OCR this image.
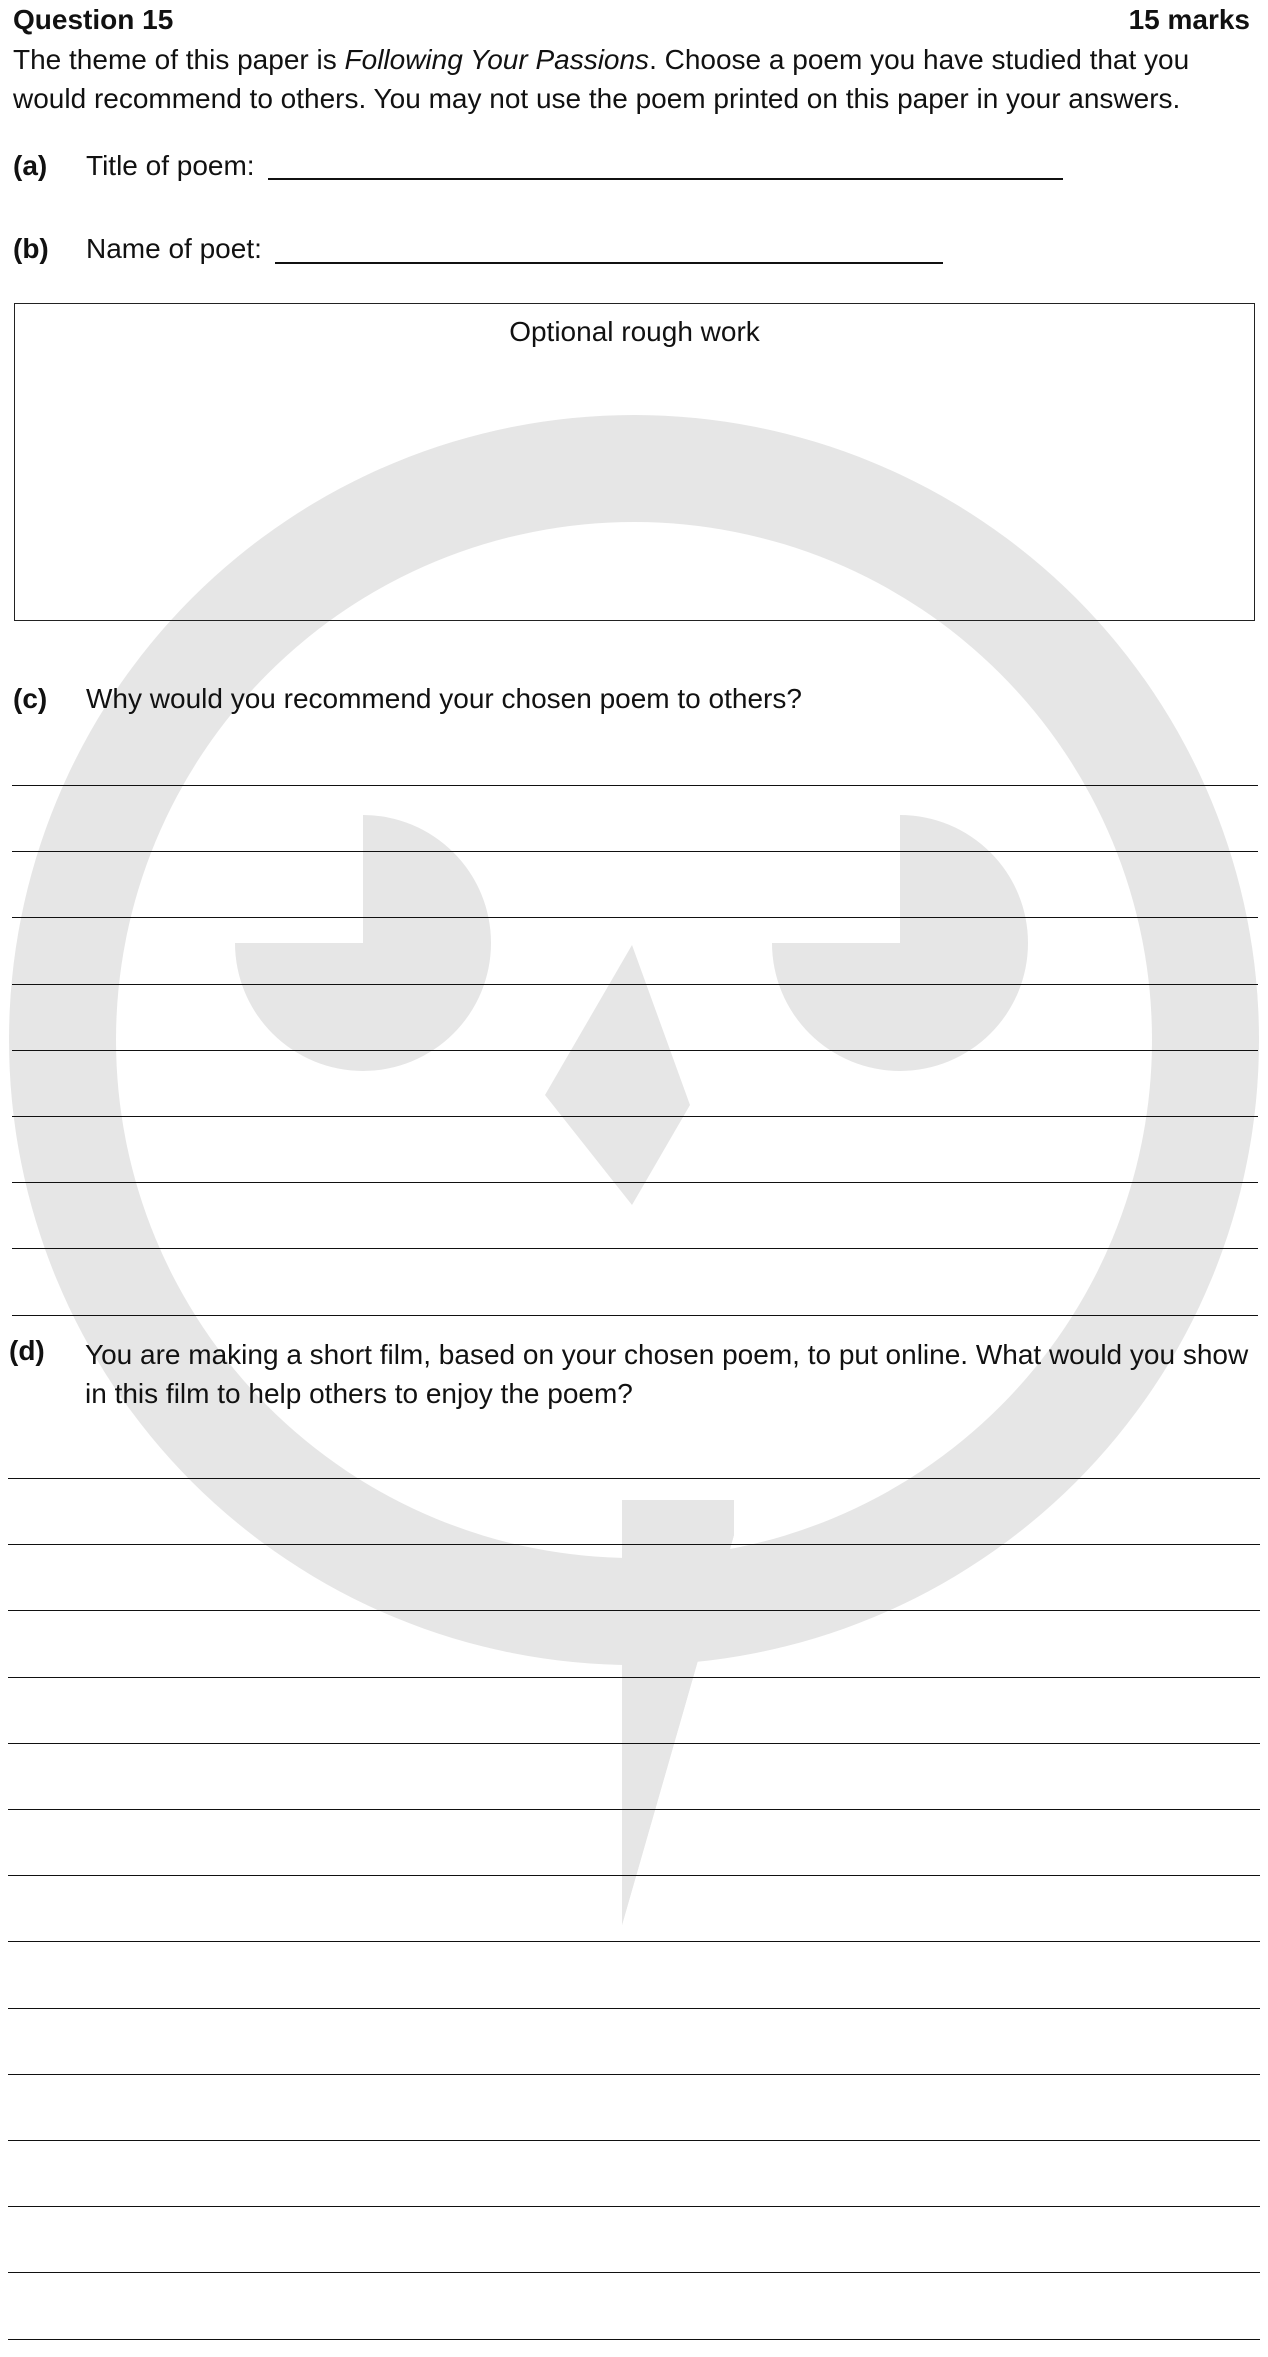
Question 15	15 marks
The theme of this paper is Following Your Passions. Choose a poem you have studied that you would recommend to others. You may not use the poem printed on this paper in your answers.
(a) Title of poem:
(b) Name of poet:
Optional rough work
(c) Why would you recommend your chosen poem to others?
(d) You are making a short film, based on your chosen poem, to put online. What would you show in this film to help others to enjoy the poem?
